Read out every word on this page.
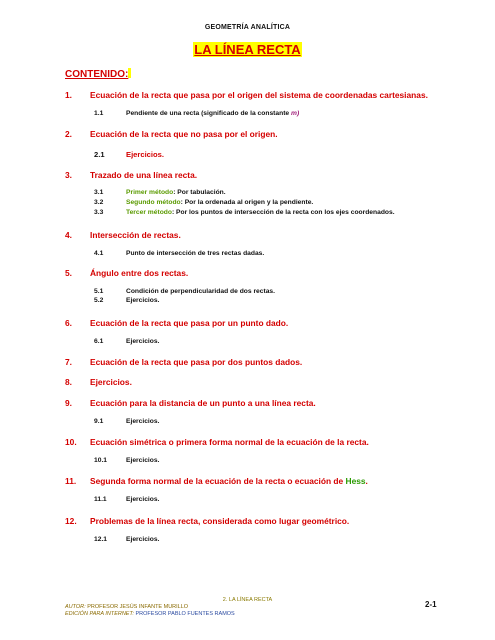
GEOMETRÍA ANALÍTICA
LA LÍNEA RECTA
CONTENIDO:
1. Ecuación de la recta que pasa por el origen del sistema de coordenadas cartesianas.
1.1	Pendiente de una recta (significado de la constante m)
2. Ecuación de la recta que no pasa por el origen.
2.1	Ejercicios.
3. Trazado de una línea recta.
3.1	Primer método: Por tabulación.
3.2	Segundo método: Por la ordenada al origen y la pendiente.
3.3	Tercer método: Por los puntos de intersección de la recta con los ejes coordenados.
4. Intersección de rectas.
4.1	Punto de intersección de tres rectas dadas.
5. Ángulo entre dos rectas.
5.1	Condición de perpendicularidad de dos rectas.
5.2	Ejercicios.
6. Ecuación de la recta que pasa por un punto dado.
6.1	Ejercicios.
7. Ecuación de la recta que pasa por dos puntos dados.
8. Ejercicios.
9. Ecuación para la distancia de un punto a una línea recta.
9.1	Ejercicios.
10. Ecuación simétrica o primera forma normal de la ecuación de la recta.
10.1	Ejercicios.
11. Segunda forma normal de la ecuación de la recta o ecuación de Hess.
11.1	Ejercicios.
12. Problemas de la línea recta, considerada como lugar geométrico.
12.1	Ejercicios.
2. LA LÍNEA RECTA
AUTOR: PROFESOR JESÚS INFANTE MURILLO
EDICIÓN PARA INTERNET: PROFESOR PABLO FUENTES RAMOS
2-1
